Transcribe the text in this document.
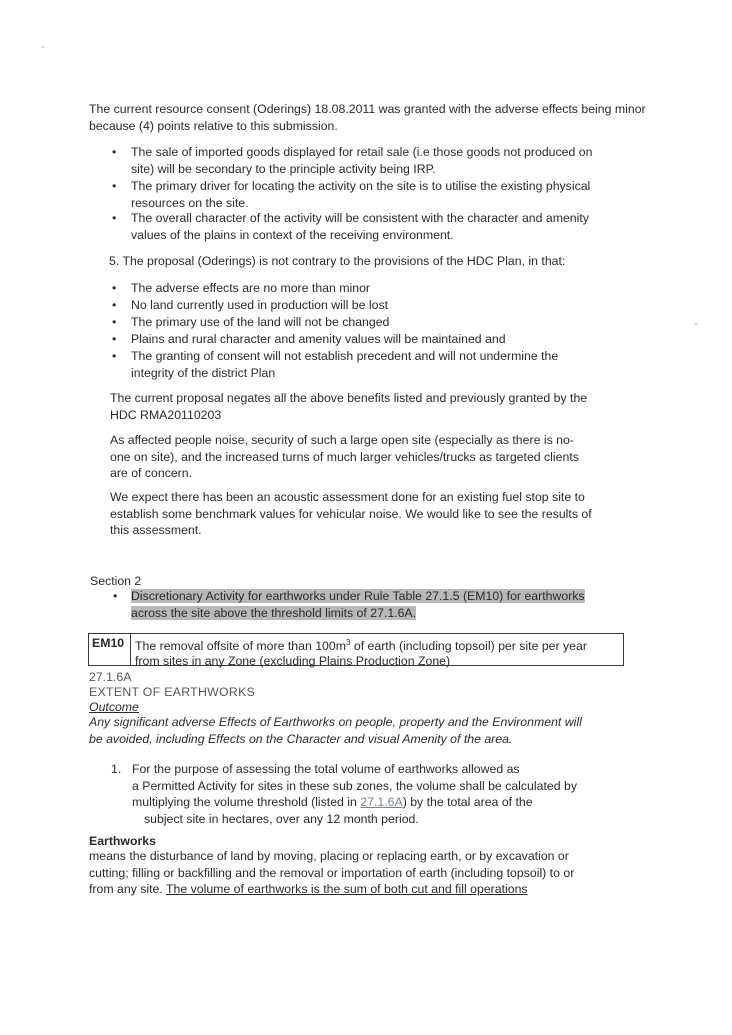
The current resource consent (Oderings) 18.08.2011 was granted with the adverse effects being minor because (4) points relative to this submission.

• The sale of imported goods displayed for retail sale (i.e those goods not produced on
site) will be secondary to the principle activity being IRP.
• The primary driver for locating the activity on the site is to utilise the existing physical
resources on the site.
• The overall character of the activity will be consistent with the character and amenity
values of the plains in context of the receiving environment.

5. The proposal (Oderings) is not contrary to the provisions of the HDC Plan, in that:

• The adverse effects are no more than minor
• No land currently used in production will be lost
• The primary use of the land will not be changed
• Plains and rural character and amenity values will be maintained and
• The granting of consent will not establish precedent and will not undermine the
integrity of the district Plan
The current proposal negates all the above benefits listed and previously granted by the
HDC RMA20110203
As affected people noise, security of such a large open site (especially as there is no-
one on site), and the increased turns of much larger vehicles/trucks as targeted clients
are of concern.
We expect there has been an acoustic assessment done for an existing fuel stop site to
establish some benchmark values for vehicular noise. We would like to see the results of
this assessment.

Section 2

• Discretionary Activity for earthworks under Rule Table 27.1.5 (EM10) for earthworks
across the site above the threshold limits of 27.1.6A.
EM10 The removal offsite of more than $100m^3$ of earth (including topsoil) per site per year
from sites in any Zone (excluding Plains Production Zone)

27.1.6A

EXTENT OF EARTHWORKS

Outcome

Any significant adverse Effects of Earthworks on people, property and the Environment will
be avoided, including Effects on the Character and visual Amenity of the area.
1. For the purpose of assessing the total volume of earthworks allowed as
a Permitted Activity for sites in these sub zones, the volume shall be calculated by
multiplying the volume threshold (listed in 27.1.6A) by the total area of the
subject site in hectares, over any 12 month period.

Earthworks

means the disturbance of land by moving, placing or replacing earth, or by excavation or
cutting; filling or backfilling and the removal or importation of earth (including topsoil) to or
from any site. The volume of earthworks is the sum of both cut and fill operations
